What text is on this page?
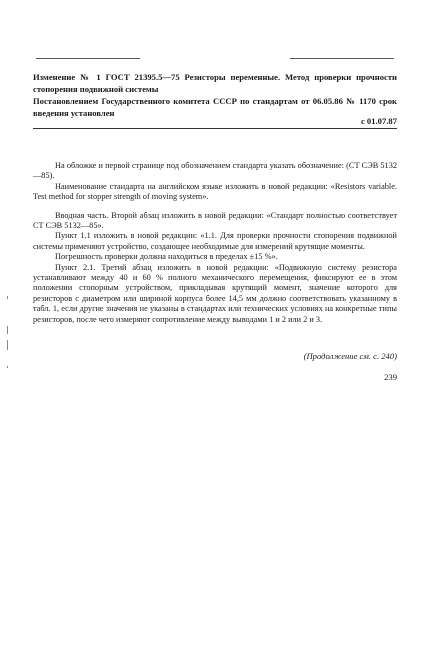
Изменение № 1 ГОСТ 21395.5—75 Резисторы переменные. Метод проверки прочности стопорения подвижной системы

Постановлением Государственного комитета СССР по стандартам от 06.05.86 № 1170 срок введения установлен

с 01.07.87

На обложке и первой странице под обозначением стандарта указать обозначение: (СТ СЭВ 5132—85).

Наименование стандарта на английском языке изложить в новой редакции: «Resistors variable. Test method for stopper strength of moving system».

Вводная часть. Второй абзац изложить в новой редакции: «Стандарт полностью соответствует СТ СЭВ 5132—85».

Пункт 1.1 изложить в новой редакции: «1.1. Для проверки прочности стопорения подвижной системы применяют устройство, создающее необходимые для измерений крутящие моменты.

Погрешность проверки должна находиться в пределах ±15 %».

Пункт 2.1. Третий абзац изложить в новой редакции: «Подвижную систему резистора устанавливают между 40 и 60 % полного механического перемещения, фиксируют ее в этом положении стопорным устройством, прикладывая крутящий момент, значение которого для резисторов с диаметром или шириной корпуса более 14,5 мм должно соответствовать указанному в табл. 1, если другие значения не указаны в стандартах или технических условиях на конкретные типы резисторов, после чего измеряют сопротивление между выводами 1 и 2 или 2 и 3.

(Продолжение см. с. 240)
239
